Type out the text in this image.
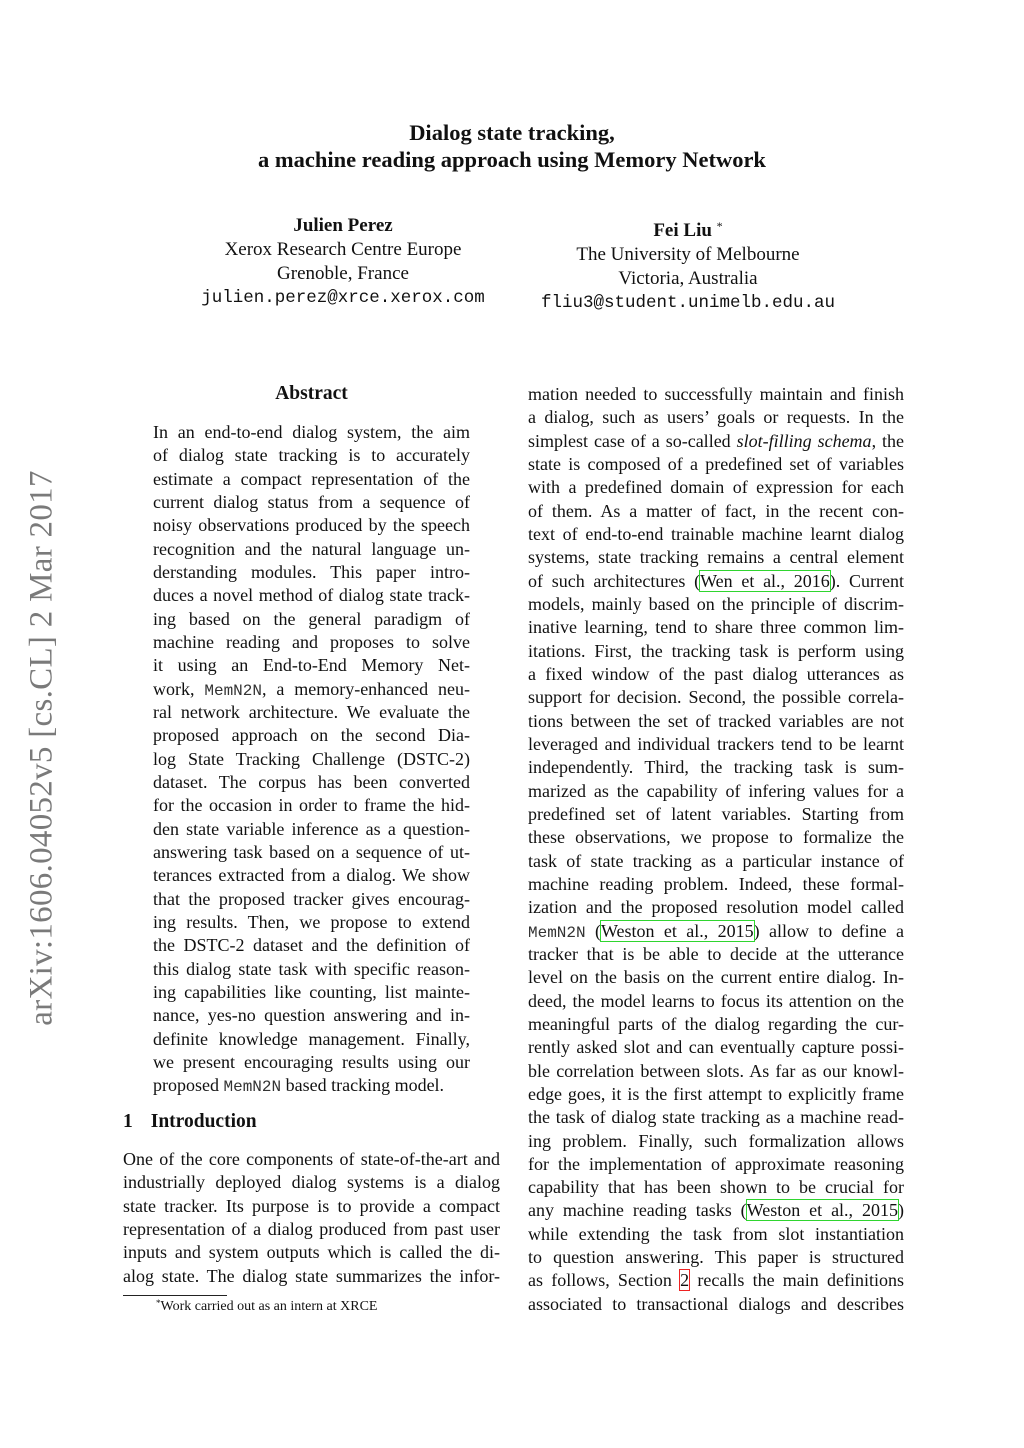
arXiv:1606.04052v5 [cs.CL] 2 Mar 2017
Dialog state tracking,
a machine reading approach using Memory Network
Julien Perez
Xerox Research Centre Europe
Grenoble, France
julien.perez@xrce.xerox.com
Fei Liu *
The University of Melbourne
Victoria, Australia
fliu3@student.unimelb.edu.au
Abstract
In an end-to-end dialog system, the aim
of dialog state tracking is to accurately
estimate a compact representation of the
current dialog status from a sequence of
noisy observations produced by the speech
recognition and the natural language un-
derstanding modules. This paper intro-
duces a novel method of dialog state track-
ing based on the general paradigm of
machine reading and proposes to solve
it using an End-to-End Memory Net-
work, MemN2N, a memory-enhanced neu-
ral network architecture. We evaluate the
proposed approach on the second Dia-
log State Tracking Challenge (DSTC-2)
dataset. The corpus has been converted
for the occasion in order to frame the hid-
den state variable inference as a question-
answering task based on a sequence of ut-
terances extracted from a dialog. We show
that the proposed tracker gives encourag-
ing results. Then, we propose to extend
the DSTC-2 dataset and the definition of
this dialog state task with specific reason-
ing capabilities like counting, list mainte-
nance, yes-no question answering and in-
definite knowledge management. Finally,
we present encouraging results using our
proposed MemN2N based tracking model.
1 Introduction
One of the core components of state-of-the-art and
industrially deployed dialog systems is a dialog
state tracker. Its purpose is to provide a compact
representation of a dialog produced from past user
inputs and system outputs which is called the di-
alog state. The dialog state summarizes the infor-
mation needed to successfully maintain and finish
a dialog, such as users’ goals or requests. In the
simplest case of a so-called slot-filling schema, the
state is composed of a predefined set of variables
with a predefined domain of expression for each
of them. As a matter of fact, in the recent con-
text of end-to-end trainable machine learnt dialog
systems, state tracking remains a central element
of such architectures (Wen et al., 2016). Current
models, mainly based on the principle of discrim-
inative learning, tend to share three common lim-
itations. First, the tracking task is perform using
a fixed window of the past dialog utterances as
support for decision. Second, the possible correla-
tions between the set of tracked variables are not
leveraged and individual trackers tend to be learnt
independently. Third, the tracking task is sum-
marized as the capability of infering values for a
predefined set of latent variables. Starting from
these observations, we propose to formalize the
task of state tracking as a particular instance of
machine reading problem. Indeed, these formal-
ization and the proposed resolution model called
MemN2N (Weston et al., 2015) allow to define a
tracker that is be able to decide at the utterance
level on the basis on the current entire dialog. In-
deed, the model learns to focus its attention on the
meaningful parts of the dialog regarding the cur-
rently asked slot and can eventually capture possi-
ble correlation between slots. As far as our knowl-
edge goes, it is the first attempt to explicitly frame
the task of dialog state tracking as a machine read-
ing problem. Finally, such formalization allows
for the implementation of approximate reasoning
capability that has been shown to be crucial for
any machine reading tasks (Weston et al., 2015)
while extending the task from slot instantiation
to question answering. This paper is structured
as follows, Section 2 recalls the main definitions
associated to transactional dialogs and describes
*Work carried out as an intern at XRCE
